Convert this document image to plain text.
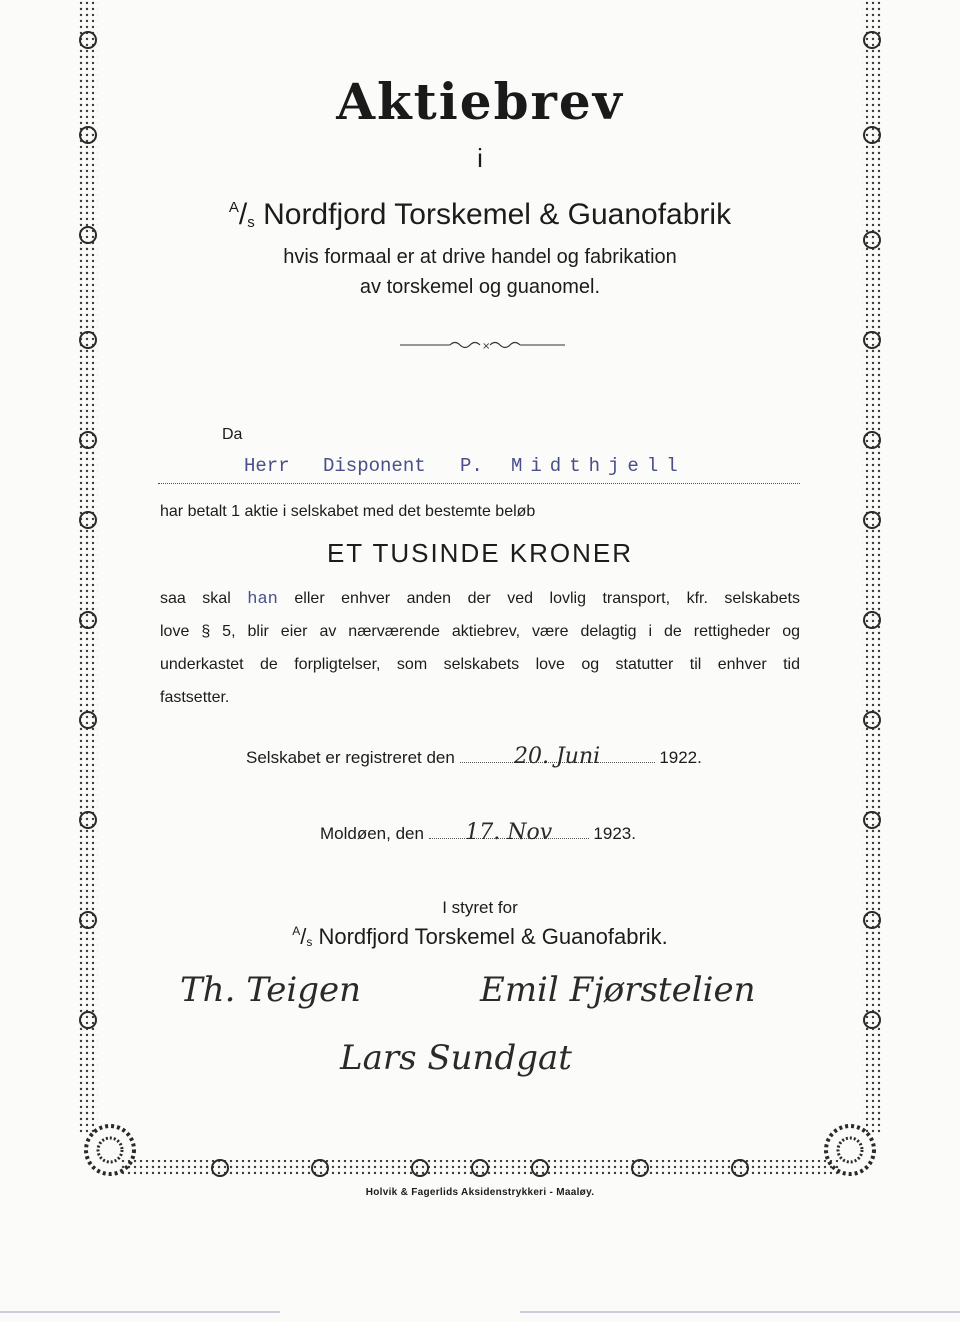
Aktiebrev
i
$^A/_s$ Nordfjord Torskemel & Guanofabrik
hvis formaal er at drive handel og fabrikation
av torskemel og guanomel.
×
Da
Herr Disponent P. Midthjell
har betalt 1 aktie i selskabet med det bestemte beløb
ET TUSINDE KRONER
saa skal han eller enhver anden der ved lovlig transport, kfr. selskabets
love § 5, blir eier av nærværende aktiebrev, være delagtig i de rettigheder og
underkastet de forpligtelser, som selskabets love og statutter til enhver tid
fastsetter.
Selskabet er registreret den	20. Juni	1922.
Moldøen, den 17. Nov 1923.
I styret for
$^A/_s$ Nordfjord Torskemel & Guanofabrik.
Th. Teigen	Emil Fjørstelien
Lars Sundgat
Holvik & Fagerlids Aksidenstrykkeri - Maaløy.
